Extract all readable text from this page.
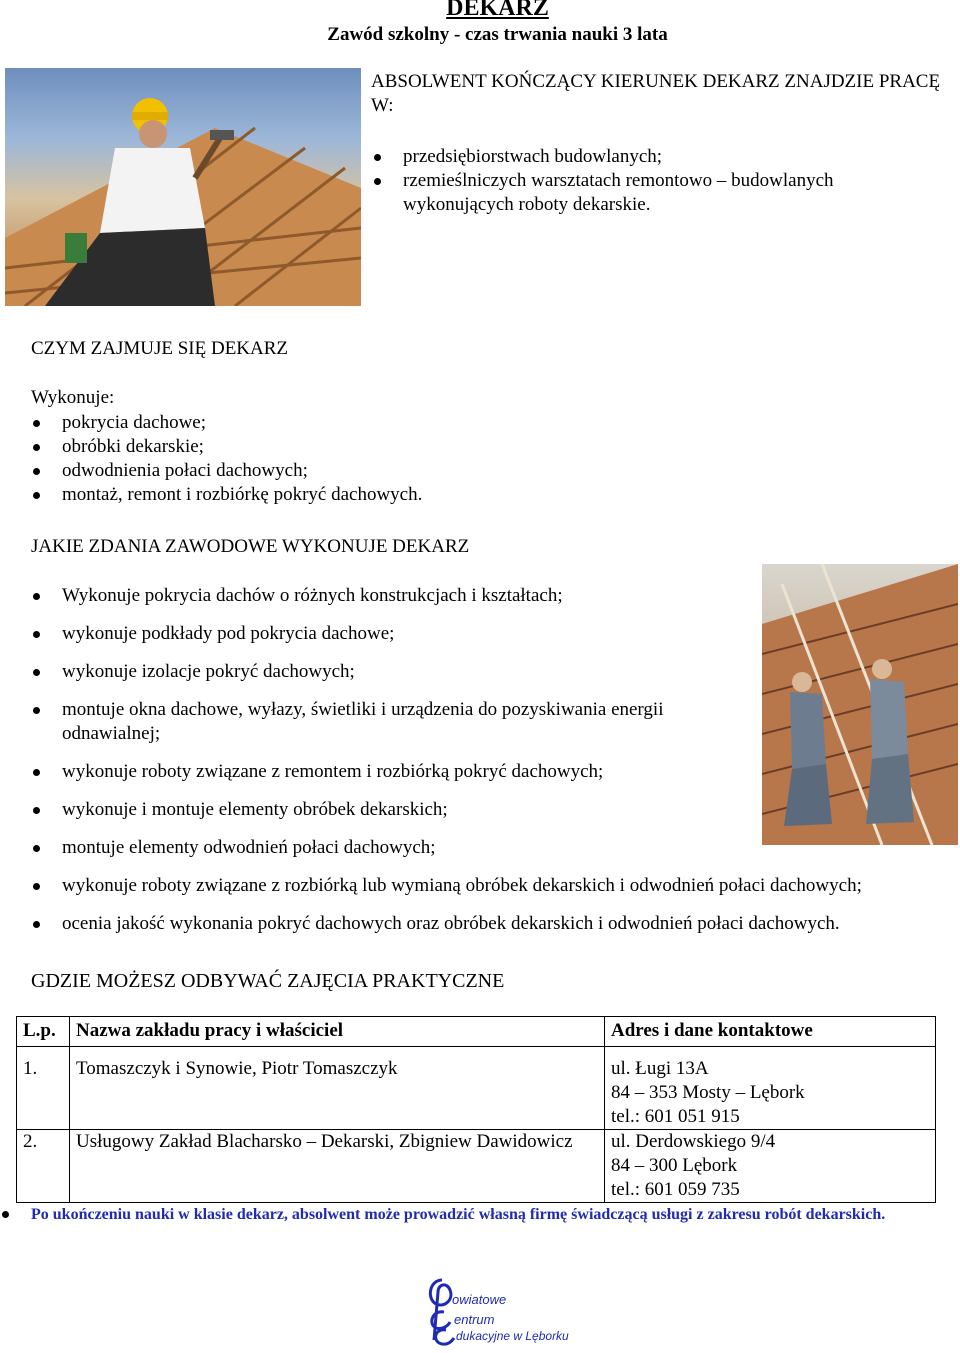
DEKARZ
Zawód szkolny - czas trwania nauki 3 lata
ABSOLWENT KOŃCZĄCY KIERUNEK DEKARZ ZNAJDZIE PRACĘ W:
przedsiębiorstwach budowlanych;
rzemieślniczych warsztatach remontowo – budowlanych wykonujących roboty dekarskie.
CZYM ZAJMUJE SIĘ DEKARZ
Wykonuje:
pokrycia dachowe;
obróbki dekarskie;
odwodnienia połaci dachowych;
montaż, remont i rozbiórkę pokryć dachowych.
JAKIE ZDANIA ZAWODOWE WYKONUJE DEKARZ
Wykonuje pokrycia dachów o różnych konstrukcjach i kształtach;
wykonuje podkłady pod pokrycia dachowe;
wykonuje izolacje pokryć dachowych;
montuje okna dachowe, wyłazy, świetliki i urządzenia do pozyskiwania energii odnawialnej;
wykonuje roboty związane z remontem i rozbiórką pokryć dachowych;
wykonuje i montuje elementy obróbek dekarskich;
montuje elementy odwodnień połaci dachowych;
wykonuje roboty związane z rozbiórką lub wymianą obróbek dekarskich i odwodnień połaci dachowych;
ocenia jakość wykonania pokryć dachowych oraz obróbek dekarskich i odwodnień połaci dachowych.
GDZIE MOŻESZ ODBYWAĆ ZAJĘCIA PRAKTYCZNE
L.p.	Nazwa zakładu pracy i właściciel	Adres i dane kontaktowe
1.	Tomaszczyk i Synowie, Piotr Tomaszczyk	ul. Ługi 13A
84 – 353 Mosty – Lębork
tel.: 601 051 915

2.	Usługowy Zakład Blacharsko – Dekarski, Zbigniew Dawidowicz	ul. Derdowskiego 9/4
84 – 300 Lębork
tel.: 601 059 735
Po ukończeniu nauki w klasie dekarz, absolwent może prowadzić własną firmę świadczącą usługi z zakresu robót dekarskich.
owiatowe
entrum
dukacyjne w Lęborku
